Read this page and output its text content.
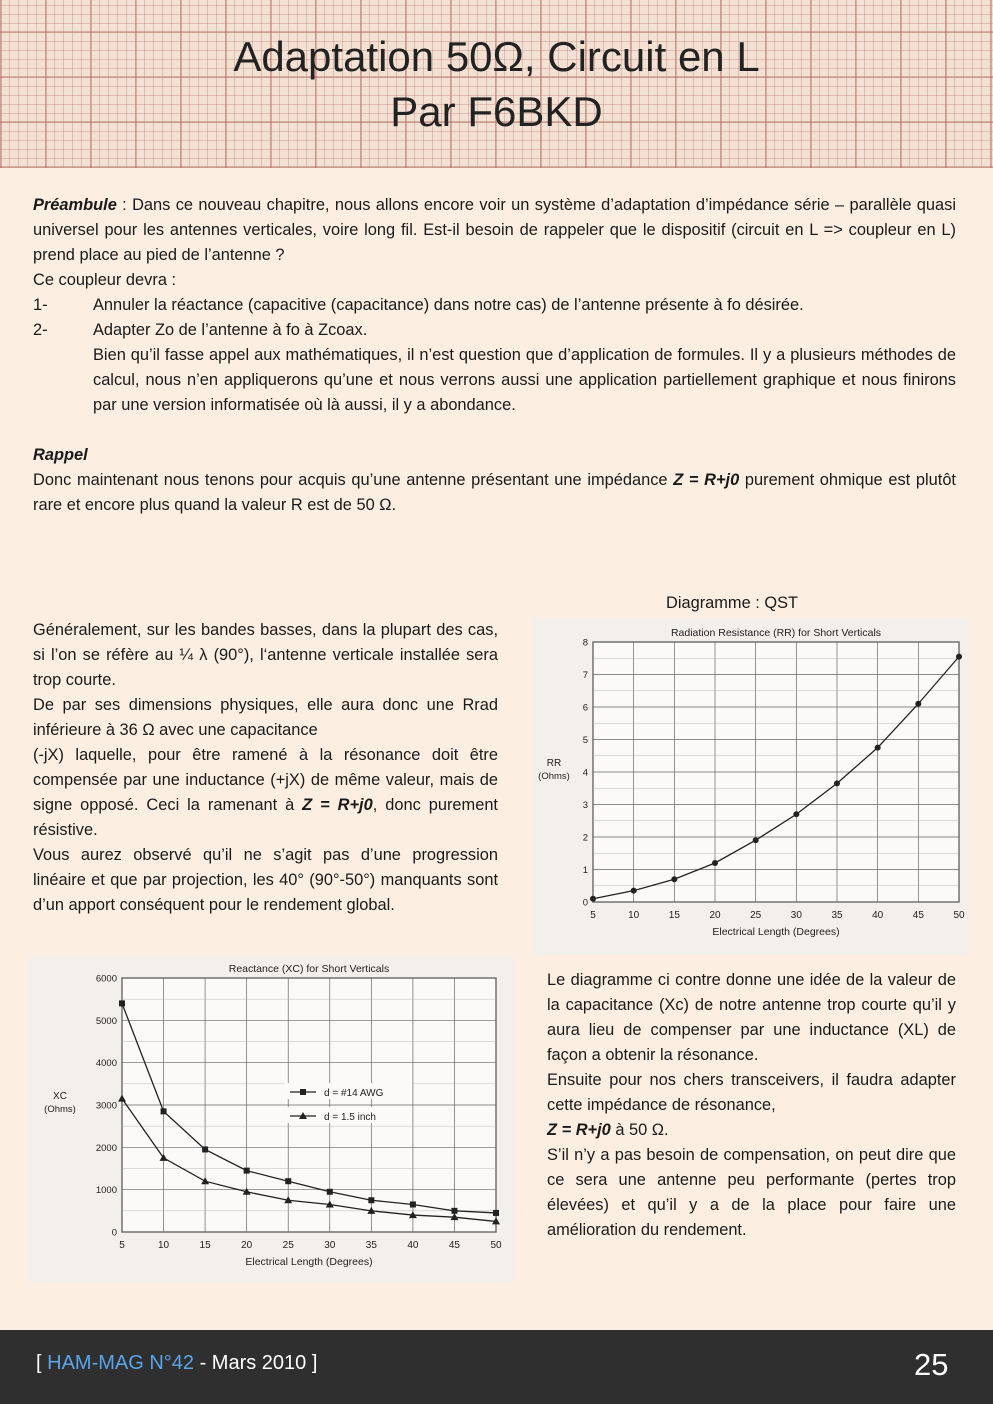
Adaptation 50Ω, Circuit en L
Par F6BKD

Préambule : Dans ce nouveau chapitre, nous allons encore voir un système d’adaptation d’impédance série – parallèle quasi universel pour les antennes verticales, voire long fil. Est-il besoin de rappeler que le dispositif (circuit en L => coupleur en L) prend place au pied de l’antenne ?

Ce coupleur devra :

1-	Annuler la réactance (capacitive (capacitance) dans notre cas) de l’antenne présente à fo désirée.
2-	Adapter Zo de l’antenne à fo à Zcoax.

Bien qu’il fasse appel aux mathématiques, il n’est question que d’application de formules. Il y a plusieurs méthodes de calcul, nous n’en appliquerons qu’une et nous verrons aussi une application partiellement graphique et nous finirons par une version informatisée où là aussi, il y a abondance.

Rappel

Donc maintenant nous tenons pour acquis qu’une antenne présentant une impédance Z = R+j0 purement ohmique est plutôt rare et encore plus quand la valeur R est de 50 Ω.

Généralement, sur les bandes basses, dans la plupart des cas, si l’on se réfère au ¼ λ (90°), l‘antenne verticale installée sera trop courte.

De par ses dimensions physiques, elle aura donc une Rrad inférieure à 36 Ω avec une capacitance

(-jX) laquelle, pour être ramené à la résonance doit être compensée par une inductance (+jX) de même valeur, mais de signe opposé. Ceci la ramenant à Z = R+j0, donc purement résistive.

Vous aurez observé qu’il ne s’agit pas d’une progression linéaire et que par projection, les 40° (90°-50°) manquants sont d’un apport conséquent pour le rendement global.

Diagramme : QST
5	10	15	20	25	30	35	40	45	50
0
1
2
3
4
5
6
7
8
Radiation Resistance (RR) for Short Verticals
Electrical Length (Degrees)
RR
(Ohms)
5	10	15	20	25	30	35	40	45	50
0
1000
2000
3000
4000
5000
6000
Reactance (XC) for Short Verticals
Electrical Length (Degrees)
XC
(Ohms)
d = #14 AWG
d = 1.5 inch

Le diagramme ci contre donne une idée de la valeur de la capacitance (Xc) de notre antenne trop courte qu’il y aura lieu de compenser par une inductance (XL) de façon a obtenir la résonance.

Ensuite pour nos chers transceivers, il faudra adapter cette impédance de résonance,

Z = R+j0 à 50 Ω.

S’il n’y a pas besoin de compensation, on peut dire que ce sera une antenne peu performante (pertes trop élevées) et qu’il y a de la place pour faire une amélioration du rendement.

[ HAM-MAG N°42 - Mars 2010 ]	25
